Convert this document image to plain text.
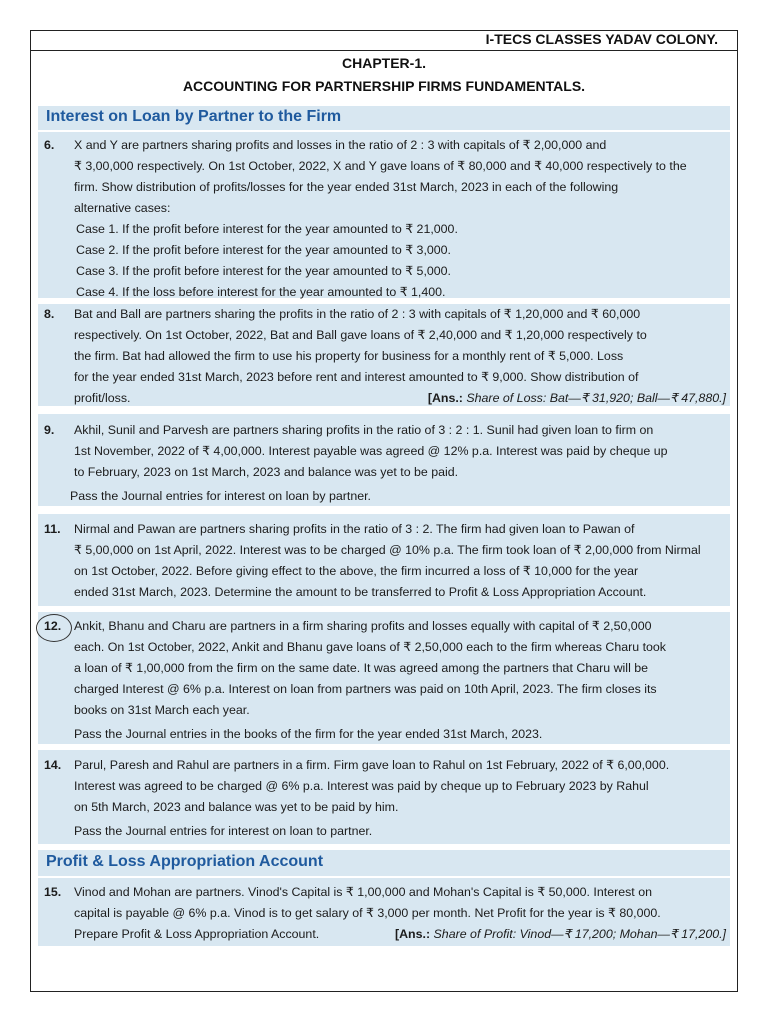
I-TECS CLASSES YADAV COLONY.
CHAPTER-1.
ACCOUNTING FOR PARTNERSHIP FIRMS FUNDAMENTALS.
Interest on Loan by Partner to the Firm
6.	X and Y are partners sharing profits and losses in the ratio of 2 : 3 with capitals of ₹ 2,00,000 and
₹ 3,00,000 respectively. On 1st October, 2022, X and Y gave loans of ₹ 80,000 and ₹ 40,000 respectively to the
firm. Show distribution of profits/losses for the year ended 31st March, 2023 in each of the following
alternative cases:
Case 1. If the profit before interest for the year amounted to ₹ 21,000.
Case 2. If the profit before interest for the year amounted to ₹ 3,000.
Case 3. If the profit before interest for the year amounted to ₹ 5,000.
Case 4. If the loss before interest for the year amounted to ₹ 1,400.
8.	Bat and Ball are partners sharing the profits in the ratio of 2 : 3 with capitals of ₹ 1,20,000 and ₹ 60,000
respectively. On 1st October, 2022, Bat and Ball gave loans of ₹ 2,40,000 and ₹ 1,20,000 respectively to
the firm. Bat had allowed the firm to use his property for business for a monthly rent of ₹ 5,000. Loss
for the year ended 31st March, 2023 before rent and interest amounted to ₹ 9,000. Show distribution of
profit/loss.	[Ans.: Share of Loss: Bat—₹ 31,920; Ball—₹ 47,880.]
9.	Akhil, Sunil and Parvesh are partners sharing profits in the ratio of 3 : 2 : 1. Sunil had given loan to firm on
1st November, 2022 of ₹ 4,00,000. Interest payable was agreed @ 12% p.a. Interest was paid by cheque up
to February, 2023 on 1st March, 2023 and balance was yet to be paid.
Pass the Journal entries for interest on loan by partner.
11.	Nirmal and Pawan are partners sharing profits in the ratio of 3 : 2. The firm had given loan to Pawan of
₹ 5,00,000 on 1st April, 2022. Interest was to be charged @ 10% p.a. The firm took loan of ₹ 2,00,000 from Nirmal
on 1st October, 2022. Before giving effect to the above, the firm incurred a loss of ₹ 10,000 for the year
ended 31st March, 2023. Determine the amount to be transferred to Profit & Loss Appropriation Account.
12.	Ankit, Bhanu and Charu are partners in a firm sharing profits and losses equally with capital of ₹ 2,50,000
each. On 1st October, 2022, Ankit and Bhanu gave loans of ₹ 2,50,000 each to the firm whereas Charu took
a loan of ₹ 1,00,000 from the firm on the same date. It was agreed among the partners that Charu will be
charged Interest @ 6% p.a. Interest on loan from partners was paid on 10th April, 2023. The firm closes its
books on 31st March each year.
Pass the Journal entries in the books of the firm for the year ended 31st March, 2023.
14.	Parul, Paresh and Rahul are partners in a firm. Firm gave loan to Rahul on 1st February, 2022 of ₹ 6,00,000.
Interest was agreed to be charged @ 6% p.a. Interest was paid by cheque up to February 2023 by Rahul
on 5th March, 2023 and balance was yet to be paid by him.
Pass the Journal entries for interest on loan to partner.
Profit & Loss Appropriation Account
15.	Vinod and Mohan are partners. Vinod's Capital is ₹ 1,00,000 and Mohan's Capital is ₹ 50,000. Interest on
capital is payable @ 6% p.a. Vinod is to get salary of ₹ 3,000 per month. Net Profit for the year is ₹ 80,000.
Prepare Profit & Loss Appropriation Account.	[Ans.: Share of Profit: Vinod—₹ 17,200; Mohan—₹ 17,200.]
